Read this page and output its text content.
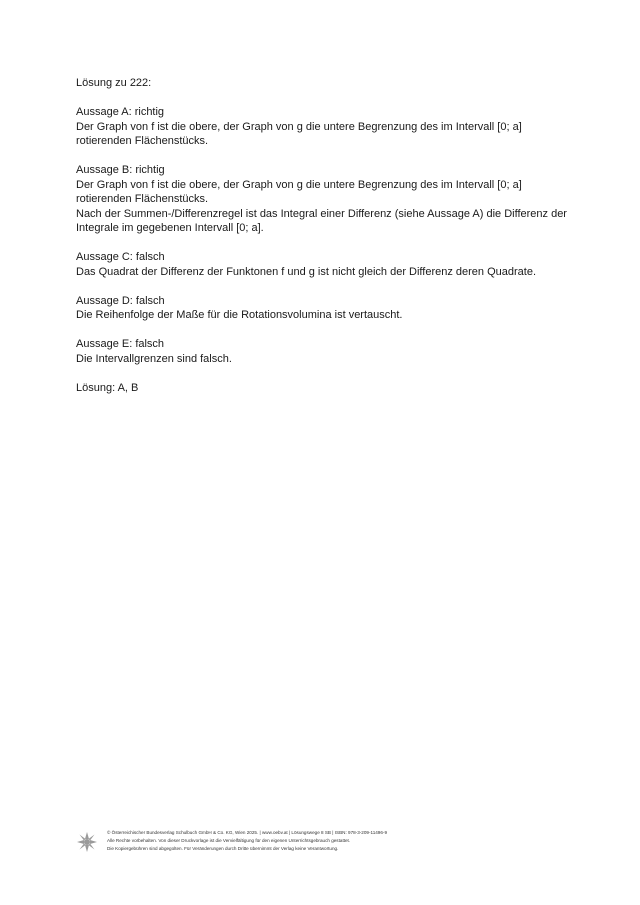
Lösung zu 222:

Aussage A: richtig

Der Graph von f ist die obere, der Graph von g die untere Begrenzung des im Intervall [0; a]

rotierenden Flächenstücks.

Aussage B: richtig

Der Graph von f ist die obere, der Graph von g die untere Begrenzung des im Intervall [0; a]

rotierenden Flächenstücks.

Nach der Summen-/Differenzregel ist das Integral einer Differenz (siehe Aussage A) die Differenz der

Integrale im gegebenen Intervall [0; a].

Aussage C: falsch

Das Quadrat der Differenz der Funktonen f und g ist nicht gleich der Differenz deren Quadrate.

Aussage D: falsch

Die Reihenfolge der Maße für die Rotationsvolumina ist vertauscht.

Aussage E: falsch

Die Intervallgrenzen sind falsch.

Lösung: A, B

© Österreichischer Bundesverlag Schulbuch GmbH & Co. KG, Wien 2025. | www.oebv.at | Lösungswege 8 SB | ISBN: 978-3-209-11496-9
Alle Rechte vorbehalten. Von dieser Druckvorlage ist die Vervielfältigung für den eigenen Unterrichtsgebrauch gestattet.
Die Kopiergebühren sind abgegolten. Für Veränderungen durch Dritte übernimmt der Verlag keine Verantwortung.
